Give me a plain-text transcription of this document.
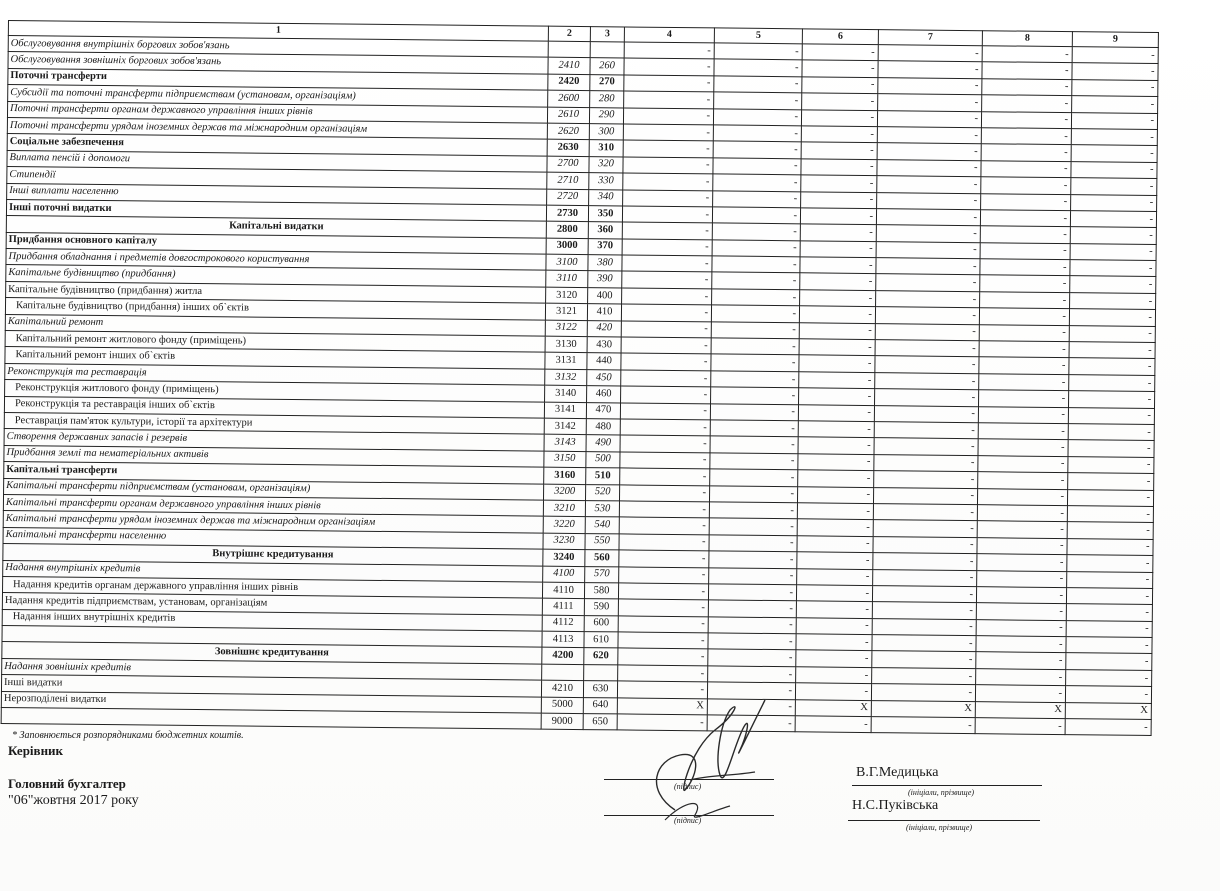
1	2	3	4	5	6	7	8	9
Обслуговування внутрішніх боргових зобов'язань			-	-	-	-	-	-
Обслуговування зовнішніх боргових зобов'язань	2410	260	-	-	-	-	-	-
Поточні трансферти	2420	270	-	-	-	-	-	-
Субсидії та поточні трансферти підприємствам (установам, організаціям)	2600	280	-	-	-	-	-	-
Поточні трансферти органам державного управління інших рівнів	2610	290	-	-	-	-	-	-
Поточні трансферти урядам іноземних держав та міжнародним організаціям	2620	300	-	-	-	-	-	-
Соціальне забезпечення	2630	310	-	-	-	-	-	-
Виплата пенсій і допомоги	2700	320	-	-	-	-	-	-
Стипендії	2710	330	-	-	-	-	-	-
Інші виплати населенню	2720	340	-	-	-	-	-	-
Інші поточні видатки	2730	350	-	-	-	-	-	-
Капітальні видатки	2800	360	-	-	-	-	-	-
Придбання основного капіталу	3000	370	-	-	-	-	-	-
Придбання обладнання і предметів довгострокового користування	3100	380	-	-	-	-	-	-
Капітальне будівництво (придбання)	3110	390	-	-	-	-	-	-
Капітальне будівництво (придбання) житла	3120	400	-	-	-	-	-	-
Капітальне будівництво (придбання) інших об`єктів	3121	410	-	-	-	-	-	-
Капітальний ремонт	3122	420	-	-	-	-	-	-
Капітальний ремонт житлового фонду (приміщень)	3130	430	-	-	-	-	-	-
Капітальний ремонт інших об`єктів	3131	440	-	-	-	-	-	-
Реконструкція та реставрація	3132	450	-	-	-	-	-	-
Реконструкція житлового фонду (приміщень)	3140	460	-	-	-	-	-	-
Реконструкція та реставрація інших об`єктів	3141	470	-	-	-	-	-	-
Реставрація пам'яток культури, історії та архітектури	3142	480	-	-	-	-	-	-
Створення державних запасів і резервів	3143	490	-	-	-	-	-	-
Придбання землі та нематеріальних активів	3150	500	-	-	-	-	-	-
Капітальні трансферти	3160	510	-	-	-	-	-	-
Капітальні трансферти підприємствам (установам, організаціям)	3200	520	-	-	-	-	-	-
Капітальні трансферти органам державного управління інших рівнів	3210	530	-	-	-	-	-	-
Капітальні трансферти урядам іноземних держав та міжнародним організаціям	3220	540	-	-	-	-	-	-
Капітальні трансферти населенню	3230	550	-	-	-	-	-	-
Внутрішнє кредитування	3240	560	-	-	-	-	-	-
Надання внутрішніх кредитів	4100	570	-	-	-	-	-	-
Надання кредитів органам державного управління інших рівнів	4110	580	-	-	-	-	-	-
Надання кредитів підприємствам, установам, організаціям	4111	590	-	-	-	-	-	-
Надання інших внутрішніх кредитів	4112	600	-	-	-	-	-	-
	4113	610	-	-	-	-	-	-
Зовнішнє кредитування	4200	620	-	-	-	-	-	-
Надання зовнішніх кредитів			-	-	-	-	-	-
Інші видатки	4210	630	-	-	-	-	-	-
Нерозподілені видатки	5000	640	X	-	X	X	X	X
	9000	650	-	-	-	-	-	-
* Заповнюється розпорядниками бюджетних коштів.
Керівник
Головний бухгалтер
"06"жовтня 2017 року
(підпис)
(підпис)
В.Г.Медицька
(ініціали, прізвище)
Н.С.Пуківська
(ініціали, прізвище)
